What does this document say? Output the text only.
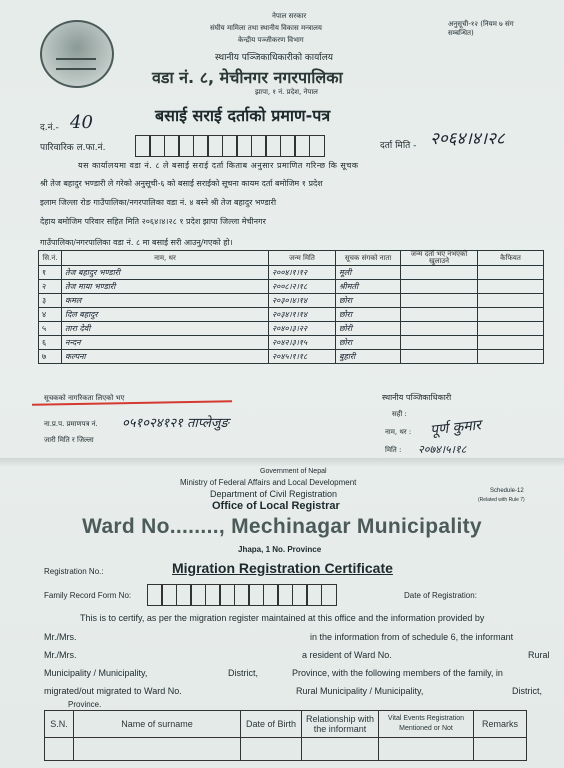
नेपाल सरकार
संघीय मामिला तथा स्थानीय विकास मन्त्रालय
केन्द्रीय पञ्जीकरण विभाग
स्थानीय पञ्जिकाधिकारीको कार्यालय
वडा नं. ८, मेचीनगर नगरपालिका
झापा, १ नं. प्रदेश, नेपाल
अनुसूची-१२ (नियम ७ संग सम्बन्धित)
बसाई सराई दर्ताको प्रमाण-पत्र
द.नं.- 40
पारिवारिक ल.फा.नं.	दर्ता मिति - २०६४।४।२८
यस कार्यालयमा वडा नं. ८ ले बसाई सराई दर्ता किताब अनुसार प्रमाणित गरिन्छ कि सूचक
श्री तेज बहादुर भण्डारी ले गरेको अनुसूची-६ को बसाई सराईको सूचना कायम दर्ता बमोजिम १ प्रदेश
इलाम जिल्ला रोङ गाउँपालिका/नगरपालिका वडा नं. ४ बस्ने श्री तेज बहादुर भण्डारी
देहाय बमोजिम परिवार सहित मिति २०६४।४।२८ १ प्रदेश झापा जिल्ला मेचीनगर
गाउँपालिका/नगरपालिका वडा नं. ८ मा बसाई सरी आउनु/गएको हो।
सि.नं.	नाम, थर	जन्म मिति	सूचक संगको नाता	जन्म दर्ता भए नभएको खुलाउने	कैफियत
१	तेज बहादुर भण्डारी	२००४।१।१२	मूली		
२	तेज माया भण्डारी	२००८।२।१८	श्रीमती		
३	कमल	२०३०।४।१४	छोरा		
४	दिल बहादुर	२०३४।१।१४	छोरा		
५	तारा देवी	२०४०।३।२२	छोरी		
६	नन्दन	२०४२।३।१५	छोरा		
७	कल्पना	२०४५।१।१८	बुहारी		
सूचकको नागरिकता लिएको भए
ना.प्र.प. प्रमाणपत्र नं. ०५१०२४१२१ ताप्लेजुङ
जारी मिति र जिल्ला
स्थानीय पञ्जिकाधिकारी
सही :
नाम, थर : पूर्ण कुमार
मिति : २०७४।५।१८
Government of Nepal
Ministry of Federal Affairs and Local Development
Department of Civil Registration
Office of Local Registrar
Schedule-12
(Related with Rule 7)
Ward No........, Mechinagar Municipality
Jhapa, 1 No. Province
Registration No.:	Migration Registration Certificate
Family Record Form No:	Date of Registration:
This is to certify, as per the migration register maintained at this office and the information provided by
Mr./Mrs.	in the information from of schedule 6, the informant
Mr./Mrs.	a resident of Ward No.	Rural
Municipality / Municipality,	District,	Province, with the following members of the family, in
migrated/out migrated to Ward No.	Rural Municipality / Municipality,	District,
Province.
S.N.	Name of surname	Date of Birth	Relationship with the informant	Vital Events Registration Mentioned or Not	Remarks
